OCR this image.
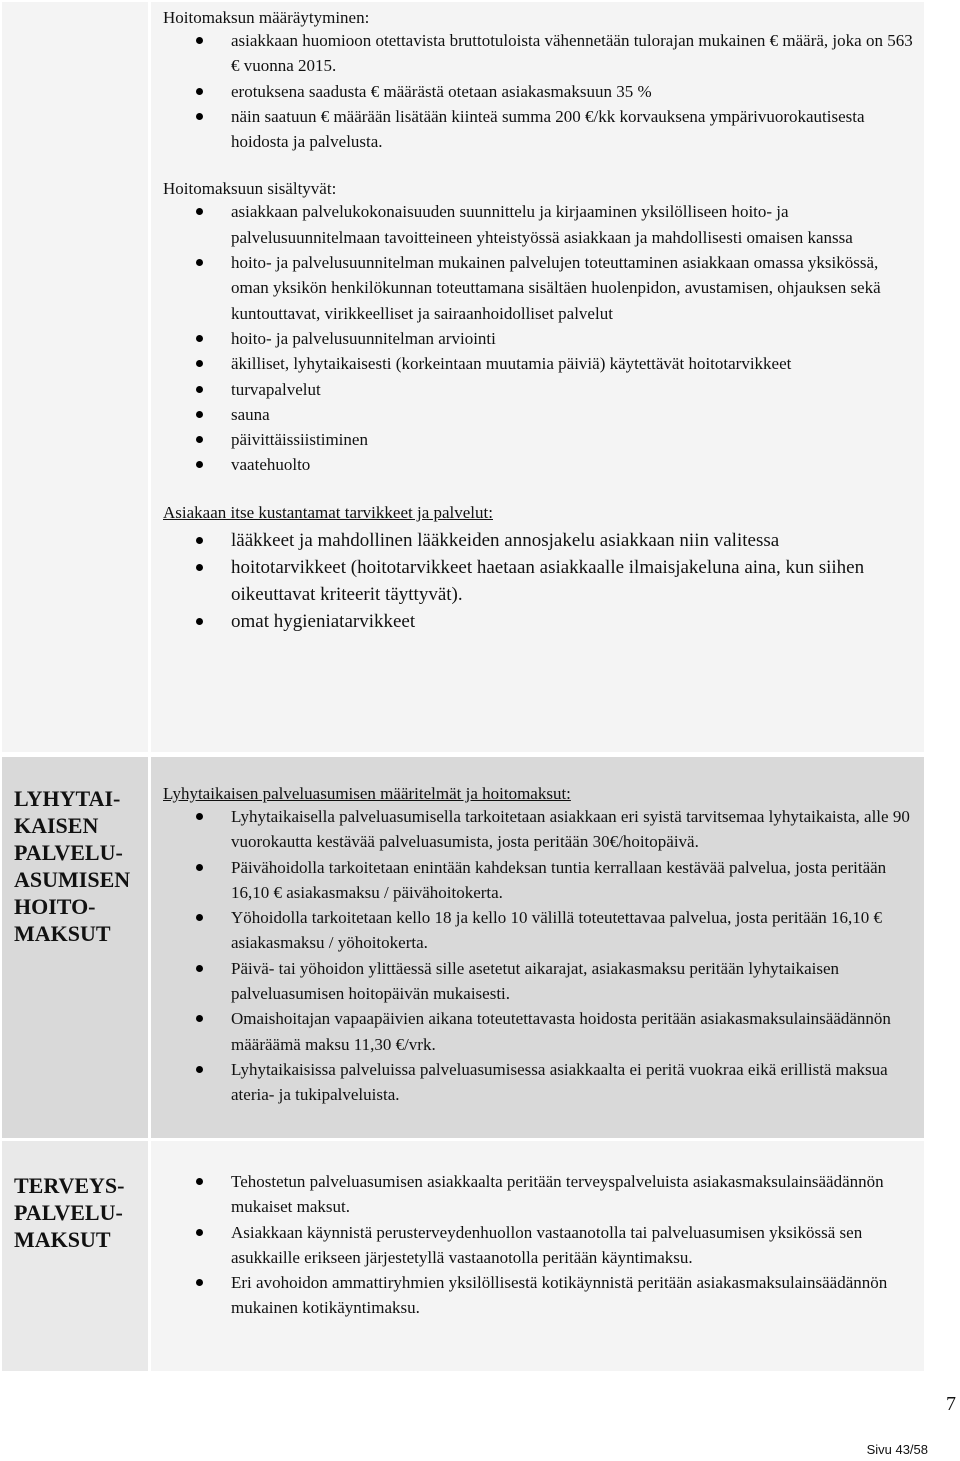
Hoitomaksun määräytyminen:
asiakkaan huomioon otettavista bruttotuloista vähennetään tulorajan mukainen € määrä, joka on 563 € vuonna 2015.
erotuksena saadusta € määrästä otetaan asiakasmaksuun 35 %
näin saatuun € määrään lisätään kiinteä summa 200 €/kk korvauksena ympärivuorokautisesta hoidosta ja palvelusta.
Hoitomaksuun sisältyvät:
asiakkaan palvelukokonaisuuden suunnittelu ja kirjaaminen yksilölliseen hoito- ja palvelusuunnitelmaan tavoitteineen yhteistyössä asiakkaan ja mahdollisesti omaisen kanssa
hoito- ja palvelusuunnitelman mukainen palvelujen toteuttaminen asiakkaan omassa yksikössä, oman yksikön henkilökunnan toteuttamana sisältäen huolenpidon, avustamisen, ohjauksen sekä kuntouttavat, virikkeelliset ja sairaanhoidolliset palvelut
hoito- ja palvelusuunnitelman arviointi
äkilliset, lyhytaikaisesti (korkeintaan muutamia päiviä) käytettävät hoitotarvikkeet
turvapalvelut
sauna
päivittäissiistiminen
vaatehuolto
Asiakaan itse kustantamat tarvikkeet ja palvelut:
lääkkeet ja mahdollinen lääkkeiden annosjakelu asiakkaan niin valitessa
hoitotarvikkeet (hoitotarvikkeet haetaan asiakkaalle ilmaisjakeluna aina, kun siihen oikeuttavat kriteerit täyttyvät).
omat hygieniatarvikkeet
LYHYTAI-
KAISEN
PALVELU-
ASUMISEN
HOITO-
MAKSUT
Lyhytaikaisen palveluasumisen määritelmät ja hoitomaksut:
Lyhytaikaisella palveluasumisella tarkoitetaan asiakkaan eri syistä tarvitsemaa lyhytaikaista, alle 90 vuorokautta kestävää palveluasumista, josta peritään 30€/hoitopäivä.
Päivähoidolla tarkoitetaan enintään kahdeksan tuntia kerrallaan kestävää palvelua, josta peritään 16,10 € asiakasmaksu / päivähoitokerta.
Yöhoidolla tarkoitetaan kello 18 ja kello 10 välillä toteutettavaa palvelua, josta peritään 16,10 € asiakasmaksu / yöhoitokerta.
Päivä- tai yöhoidon ylittäessä sille asetetut aikarajat, asiakasmaksu peritään lyhytaikaisen palveluasumisen hoitopäivän mukaisesti.
Omaishoitajan vapaapäivien aikana toteutettavasta hoidosta peritään asiakasmaksulainsäädännön määräämä maksu 11,30 €/vrk.
Lyhytaikaisissa palveluissa palveluasumisessa asiakkaalta ei peritä vuokraa eikä erillistä maksua ateria- ja tukipalveluista.
TERVEYS-
PALVELU-
MAKSUT
Tehostetun palveluasumisen asiakkaalta peritään terveyspalveluista asiakasmaksulainsäädännön mukaiset maksut.
Asiakkaan käynnistä perusterveydenhuollon vastaanotolla tai palveluasumisen yksikössä sen asukkaille erikseen järjestetyllä vastaanotolla peritään käyntimaksu.
Eri avohoidon ammattiryhmien yksilöllisestä kotikäynnistä peritään asiakasmaksulainsäädännön mukainen kotikäyntimaksu.
7
Sivu 43/58
